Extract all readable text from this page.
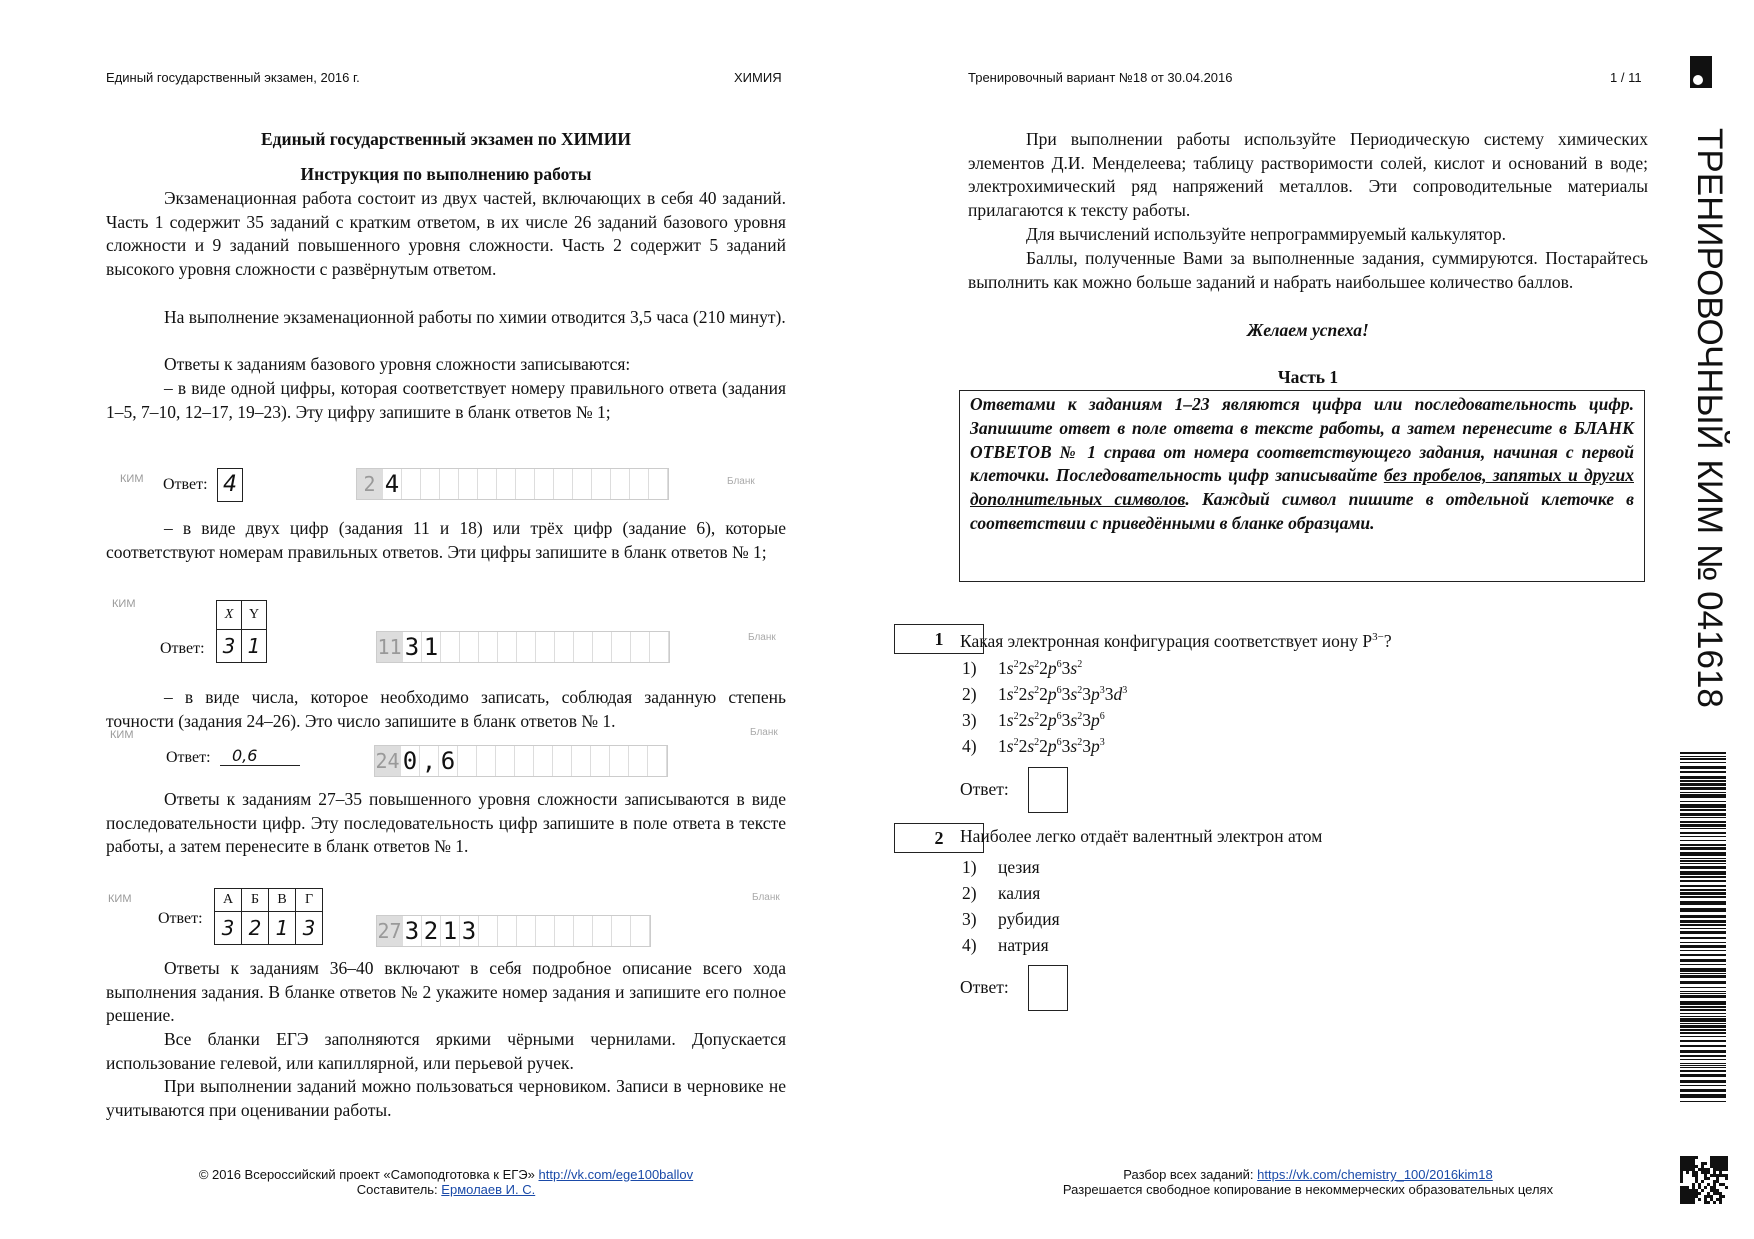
Единый государственный экзамен, 2016 г.	ХИМИЯ	Тренировочный вариант №18 от 30.04.2016	1 / 11
Единый государственный экзамен по ХИМИИ
Инструкция по выполнению работы
Экзаменационная работа состоит из двух частей, включающих в себя 40 заданий. Часть 1 содержит 35 заданий с кратким ответом, в их числе 26 заданий базового уровня сложности и 9 заданий повышенного уровня сложности. Часть 2 содержит 5 заданий высокого уровня сложности с развёрнутым ответом.
На выполнение экзаменационной работы по химии отводится 3,5 часа (210 минут).
Ответы к заданиям базового уровня сложности записываются:
– в виде одной цифры, которая соответствует номеру правильного ответа (задания 1–5, 7–10, 12–17, 19–23). Эту цифру запишите в бланк ответов № 1;
КИМ Ответ: 4	2 4	Бланк
– в виде двух цифр (задания 11 и 18) или трёх цифр (задание 6), которые соответствуют номерам правильных ответов. Эти цифры запишите в бланк ответов № 1;
КИМ
X	Y
3	1
Ответ:	11 3 1	Бланк
– в виде числа, которое необходимо записать, соблюдая заданную степень точности (задания 24–26). Это число запишите в бланк ответов № 1.
КИМ
Ответ:	0,6	24 0 , 6
Бланк
Ответы к заданиям 27–35 повышенного уровня сложности записываются в виде последовательности цифр. Эту последовательность цифр запишите в поле ответа в тексте работы, а затем перенесите в бланк ответов № 1.
КИМ
Ответ:
А	Б	В	Г
3	2	1	3	27 3 2 1 3
Бланк
Ответы к заданиям 36–40 включают в себя подробное описание всего хода выполнения задания. В бланке ответов № 2 укажите номер задания и запишите его полное решение.
Все бланки ЕГЭ заполняются яркими чёрными чернилами. Допускается использование гелевой, или капиллярной, или перьевой ручек.
При выполнении заданий можно пользоваться черновиком. Записи в черновике не учитываются при оценивании работы.
При выполнении работы используйте Периодическую систему химических элементов Д.И. Менделеева; таблицу растворимости солей, кислот и оснований в воде; электрохимический ряд напряжений металлов. Эти сопроводительные материалы прилагаются к тексту работы.
Для вычислений используйте непрограммируемый калькулятор.
Баллы, полученные Вами за выполненные задания, суммируются. Постарайтесь выполнить как можно больше заданий и набрать наибольшее количество баллов.
Желаем успеха!
Часть 1
Ответами к заданиям 1–23 являются цифра или последовательность цифр. Запишите ответ в поле ответа в тексте работы, а затем перенесите в БЛАНК ОТВЕТОВ № 1 справа от номера соответствующего задания, начиная с первой клеточки. Последовательность цифр записывайте без пробелов, запятых и других дополнительных символов. Каждый символ пишите в отдельной клеточке в соответствии с приведёнными в бланке образцами.
1 Какая электронная конфигурация соответствует иону $P^{3-}$?
1) $1s^22s^22p^63s^2$
2) $1s^22s^22p^63s^23p^33d^3$
3) $1s^22s^22p^63s^23p^6$
4) $1s^22s^22p^63s^23p^3$
Ответ:
2 Наиболее легко отдаёт валентный электрон атом
1) цезия
2) калия
3) рубидия
4) натрия
Ответ:
ТРЕНИРОВОЧНЫЙ КИМ № 041618
© 2016 Всероссийский проект «Самоподготовка к ЕГЭ» http://vk.com/ege100ballov
Составитель: Ермолаев И. С.
Разбор всех заданий: https://vk.com/chemistry_100/2016kim18
Разрешается свободное копирование в некоммерческих образовательных целях
